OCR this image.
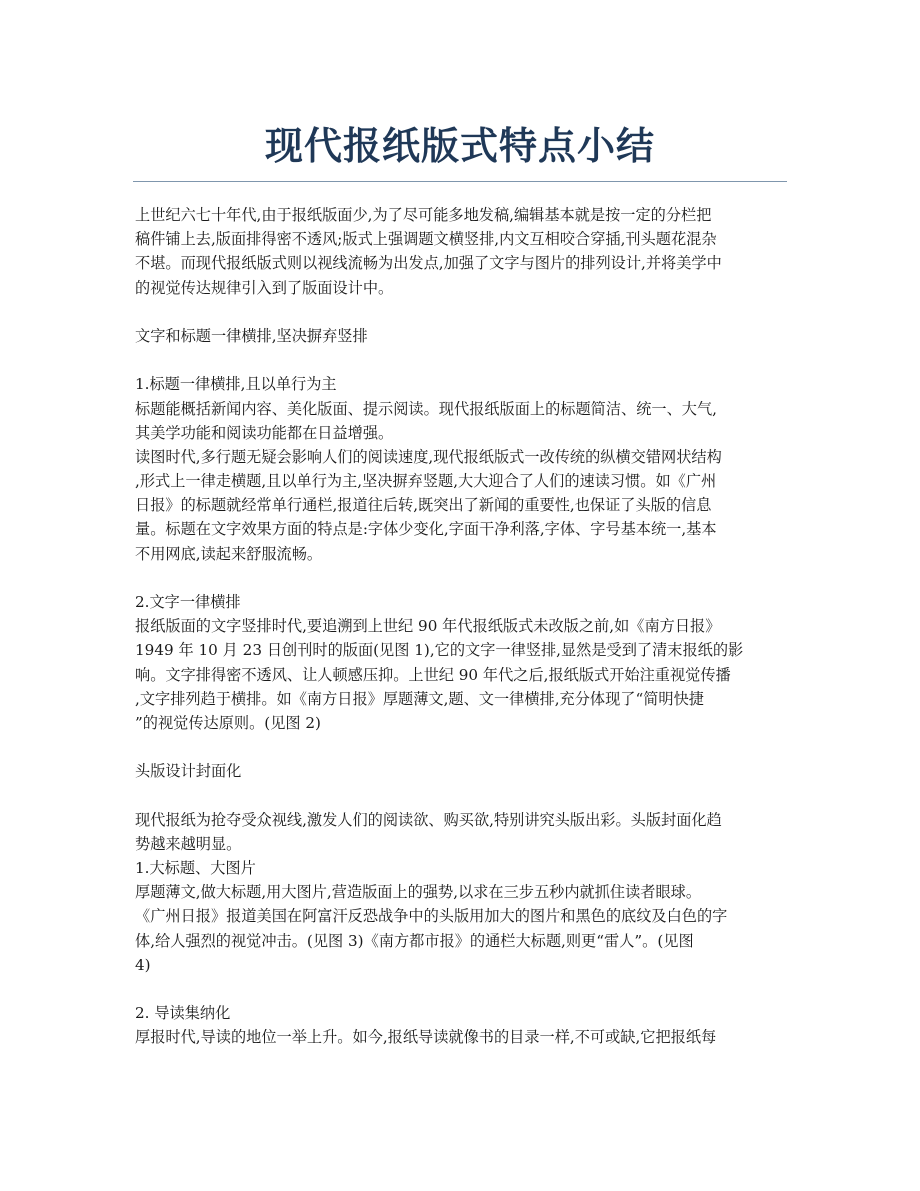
现代报纸版式特点小结
上世纪六七十年代,由于报纸版面少,为了尽可能多地发稿,编辑基本就是按一定的分栏把
稿件铺上去,版面排得密不透风;版式上强调题文横竖排,内文互相咬合穿插,刊头题花混杂
不堪。而现代报纸版式则以视线流畅为出发点,加强了文字与图片的排列设计,并将美学中
的视觉传达规律引入到了版面设计中。
文字和标题一律横排,坚决摒弃竖排
1.标题一律横排,且以单行为主
标题能概括新闻内容、美化版面、提示阅读。现代报纸版面上的标题简洁、统一、大气,
其美学功能和阅读功能都在日益增强。
读图时代,多行题无疑会影响人们的阅读速度,现代报纸版式一改传统的纵横交错网状结构
,形式上一律走横题,且以单行为主,坚决摒弃竖题,大大迎合了人们的速读习惯。如《广州
日报》的标题就经常单行通栏,报道往后转,既突出了新闻的重要性,也保证了头版的信息
量。标题在文字效果方面的特点是:字体少变化,字面干净利落,字体、字号基本统一,基本
不用网底,读起来舒服流畅。
2.文字一律横排
报纸版面的文字竖排时代,要追溯到上世纪 90 年代报纸版式未改版之前,如《南方日报》
1949 年 10 月 23 日创刊时的版面(见图 1),它的文字一律竖排,显然是受到了清末报纸的影
响。文字排得密不透风、让人顿感压抑。上世纪 90 年代之后,报纸版式开始注重视觉传播
,文字排列趋于横排。如《南方日报》厚题薄文,题、文一律横排,充分体现了“简明快捷
”的视觉传达原则。(见图 2)
头版设计封面化
现代报纸为抢夺受众视线,激发人们的阅读欲、购买欲,特别讲究头版出彩。头版封面化趋
势越来越明显。
1.大标题、大图片
厚题薄文,做大标题,用大图片,营造版面上的强势,以求在三步五秒内就抓住读者眼球。
《广州日报》报道美国在阿富汗反恐战争中的头版用加大的图片和黑色的底纹及白色的字
体,给人强烈的视觉冲击。(见图 3)《南方都市报》的通栏大标题,则更“雷人”。(见图
4)
2. 导读集纳化
厚报时代,导读的地位一举上升。如今,报纸导读就像书的目录一样,不可或缺,它把报纸每
